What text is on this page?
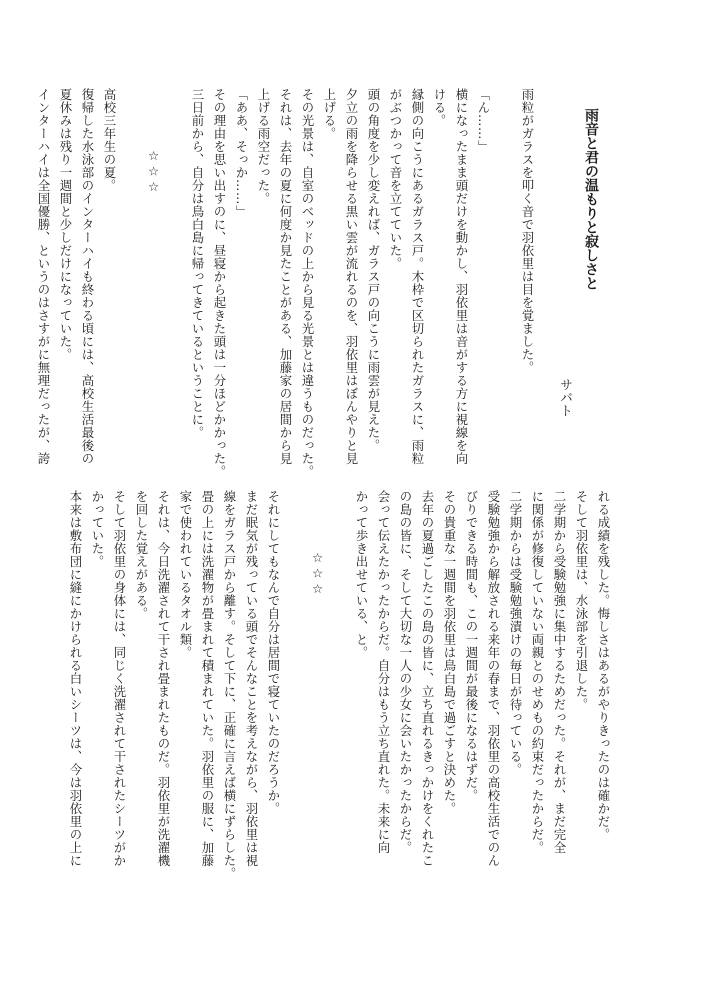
雨音と君の温もりと寂しさと
サバト
雨粒がガラスを叩く音で羽依里は目を覚ました。
「ん……」
横になったまま頭だけを動かし、羽依里は音がする方に視線を向
ける。
縁側の向こうにあるガラス戸。木枠で区切られたガラスに、雨粒
がぶつかって音を立てていた。
頭の角度を少し変えれば、ガラス戸の向こうに雨雲が見えた。
夕立の雨を降らせる黒い雲が流れるのを、羽依里はぼんやりと見
上げる。
その光景は、自室のベッドの上から見る光景とは違うものだった。
それは、去年の夏に何度か見たことがある、加藤家の居間から見
上げる雨空だった。
「ああ、そっか……」
その理由を思い出すのに、昼寝から起きた頭は一分ほどかかった。
三日前から、自分は鳥白島に帰ってきているということに。
☆☆☆
高校三年生の夏。
復帰した水泳部のインターハイも終わる頃には、高校生活最後の
夏休みは残り一週間と少しだけになっていた。
インターハイは全国優勝、というのはさすがに無理だったが、誇
れる成績を残した。悔しさはあるがやりきったのは確かだ。
そして羽依里は、水泳部を引退した。
二学期から受験勉強に集中するためだった。それが、まだ完全
に関係が修復していない両親とのせめもの約束だったからだ。
二学期からは受験勉強漬けの毎日が待っている。
受験勉強から解放される来年の春まで、羽依里の高校生活でのん
びりできる時間も、この一週間が最後になるはずだ。
その貴重な一週間を羽依里は鳥白島で過ごすと決めた。
去年の夏過ごしたこの島の皆に、立ち直れるきっかけをくれたこ
の島の皆に、そして大切な一人の少女に会いたかったからだ。
会って伝えたかったからだ。自分はもう立ち直れた。未来に向
かって歩き出せている、と。
☆☆☆
それにしてもなんで自分は居間で寝ていたのだろうか。
まだ眠気が残っている頭でそんなことを考えながら、羽依里は視
線をガラス戸から離す。そして下に、正確に言えば横にずらした。
畳の上には洗濯物が畳まれて積まれていた。羽依里の服に、加藤
家で使われているタオル類。
それは、今日洗濯されて干され畳まれたものだ。羽依里が洗濯機
を回した覚えがある。
そして羽依里の身体には、同じく洗濯されて干されたシーツがか
かっていた。
本来は敷布団に縫にかけられる白いシーツは、今は羽依里の上に
